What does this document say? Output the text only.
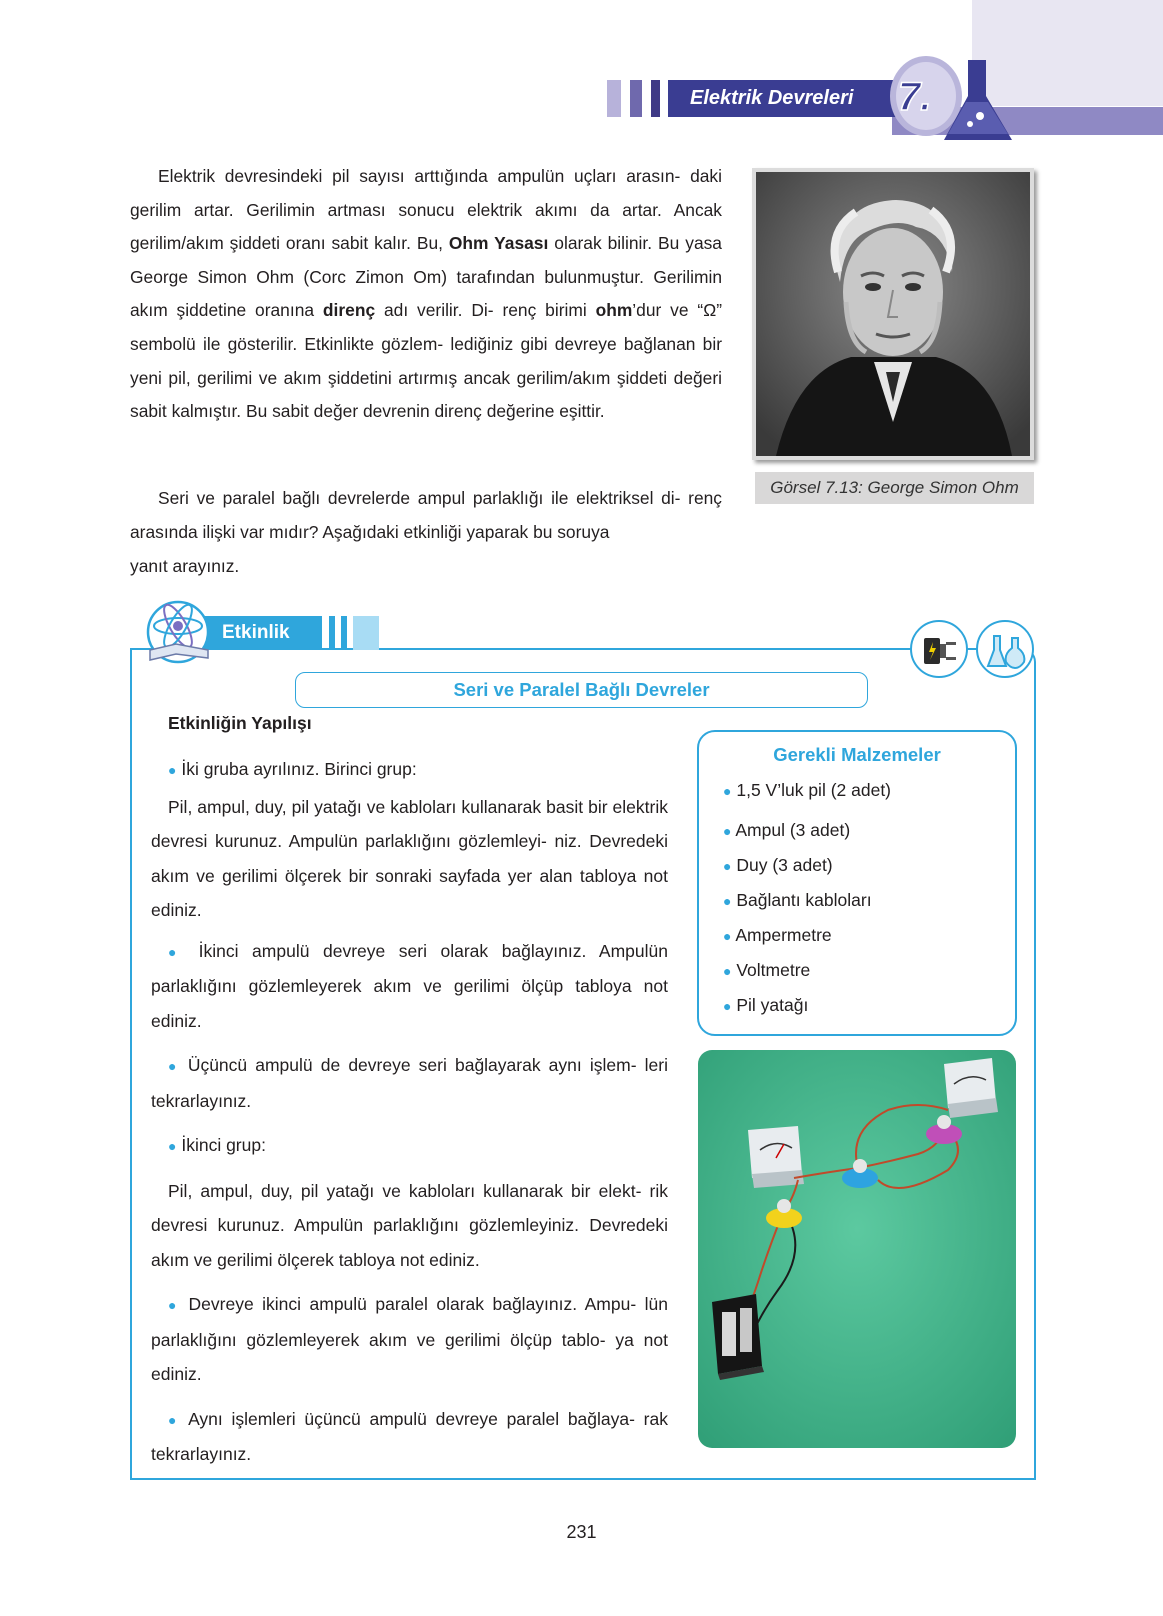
Elektrik Devreleri	7.
Elektrik devresindeki pil sayısı arttığında ampulün uçları arasın- daki gerilim artar. Gerilimin artması sonucu elektrik akımı da artar. Ancak gerilim/akım şiddeti oranı sabit kalır. Bu, Ohm Yasası olarak bilinir. Bu yasa George Simon Ohm (Corc Zimon Om) tarafından bulunmuştur. Gerilimin akım şiddetine oranına direnç adı verilir. Di- renç birimi ohm’dur ve “Ω” sembolü ile gösterilir. Etkinlikte gözlem- lediğiniz gibi devreye bağlanan bir yeni pil, gerilimi ve akım şiddetini artırmış ancak gerilim/akım şiddeti değeri sabit kalmıştır. Bu sabit değer devrenin direnç değerine eşittir.
Seri ve paralel bağlı devrelerde ampul parlaklığı ile elektriksel di- renç arasında ilişki var mıdır? Aşağıdaki etkinliği yaparak bu soruya
yanıt arayınız.
Görsel 7.13: George Simon Ohm
Etkinlik
Seri ve Paralel Bağlı Devreler
Etkinliğin Yapılışı

● İki gruba ayrılınız. Birinci grup:

Pil, ampul, duy, pil yatağı ve kabloları kullanarak basit bir elektrik devresi kurunuz. Ampulün parlaklığını gözlemleyi- niz. Devredeki akım ve gerilimi ölçerek bir sonraki sayfada yer alan tabloya not ediniz.

● İkinci ampulü devreye seri olarak bağlayınız. Ampulün parlaklığını gözlemleyerek akım ve gerilimi ölçüp tabloya not ediniz.

● Üçüncü ampulü de devreye seri bağlayarak aynı işlem- leri tekrarlayınız.

● İkinci grup:

Pil, ampul, duy, pil yatağı ve kabloları kullanarak bir elekt- rik devresi kurunuz. Ampulün parlaklığını gözlemleyiniz. Devredeki akım ve gerilimi ölçerek tabloya not ediniz.

● Devreye ikinci ampulü paralel olarak bağlayınız. Ampu- lün parlaklığını gözlemleyerek akım ve gerilimi ölçüp tablo- ya not ediniz.

● Aynı işlemleri üçüncü ampulü devreye paralel bağlaya- rak tekrarlayınız.

Gerekli Malzemeler
● 1,5 V’luk pil (2 adet)
● Ampul (3 adet)
● Duy (3 adet)
● Bağlantı kabloları
● Ampermetre
● Voltmetre
● Pil yatağı
231
